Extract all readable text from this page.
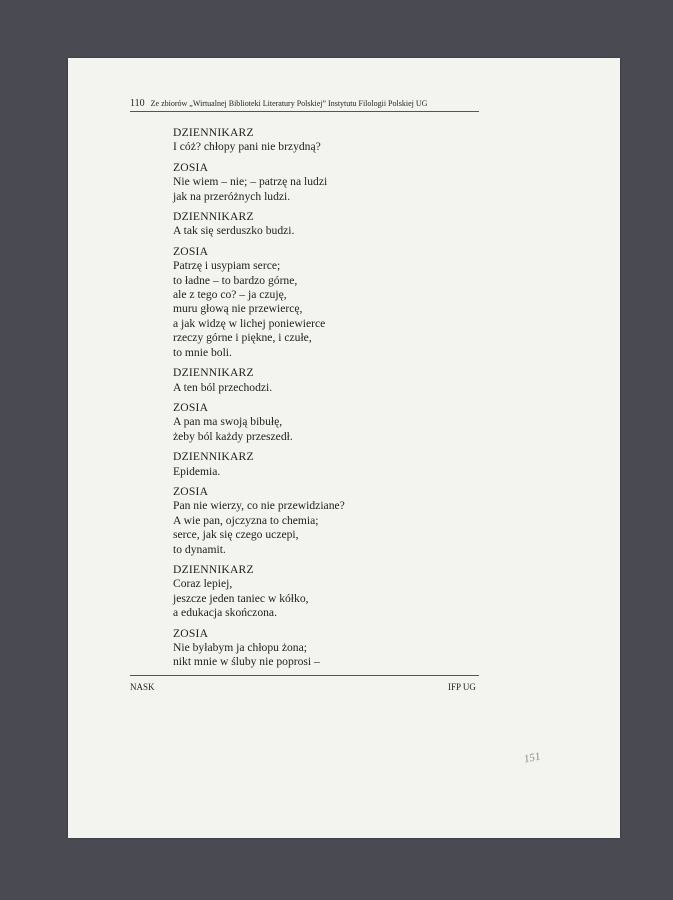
110 Ze zbiorów „Wirtualnej Biblioteki Literatury Polskiej” Instytutu Filologii Polskiej UG
DZIENNIKARZ
I cóż? chłopy pani nie brzydną?
ZOSIA
Nie wiem – nie; – patrzę na ludzi
jak na przeróżnych ludzi.
DZIENNIKARZ
A tak się serduszko budzi.
ZOSIA
Patrzę i usypiam serce;
to ładne – to bardzo górne,
ale z tego co? – ja czuję,
muru głową nie przewiercę,
a jak widzę w lichej poniewierce
rzeczy górne i piękne, i czułe,
to mnie boli.
DZIENNIKARZ
A ten ból przechodzi.
ZOSIA
A pan ma swoją bibułę,
żeby ból każdy przeszedł.
DZIENNIKARZ
Epidemia.
ZOSIA
Pan nie wierzy, co nie przewidziane?
A wie pan, ojczyzna to chemia;
serce, jak się czego uczepi,
to dynamit.
DZIENNIKARZ
Coraz lepiej,
jeszcze jeden taniec w kółko,
a edukacja skończona.
ZOSIA
Nie byłabym ja chłopu żona;
nikt mnie w śluby nie poprosi –
NASK	IFP UG
151
